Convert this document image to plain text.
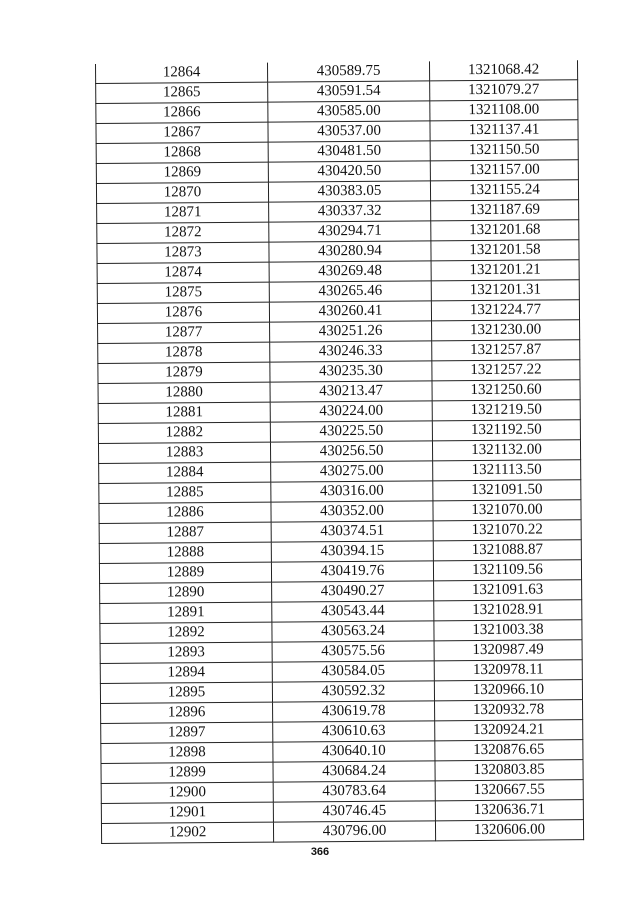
12864	430589.75	1321068.42
12865	430591.54	1321079.27
12866	430585.00	1321108.00
12867	430537.00	1321137.41
12868	430481.50	1321150.50
12869	430420.50	1321157.00
12870	430383.05	1321155.24
12871	430337.32	1321187.69
12872	430294.71	1321201.68
12873	430280.94	1321201.58
12874	430269.48	1321201.21
12875	430265.46	1321201.31
12876	430260.41	1321224.77
12877	430251.26	1321230.00
12878	430246.33	1321257.87
12879	430235.30	1321257.22
12880	430213.47	1321250.60
12881	430224.00	1321219.50
12882	430225.50	1321192.50
12883	430256.50	1321132.00
12884	430275.00	1321113.50
12885	430316.00	1321091.50
12886	430352.00	1321070.00
12887	430374.51	1321070.22
12888	430394.15	1321088.87
12889	430419.76	1321109.56
12890	430490.27	1321091.63
12891	430543.44	1321028.91
12892	430563.24	1321003.38
12893	430575.56	1320987.49
12894	430584.05	1320978.11
12895	430592.32	1320966.10
12896	430619.78	1320932.78
12897	430610.63	1320924.21
12898	430640.10	1320876.65
12899	430684.24	1320803.85
12900	430783.64	1320667.55
12901	430746.45	1320636.71
12902	430796.00	1320606.00
366
